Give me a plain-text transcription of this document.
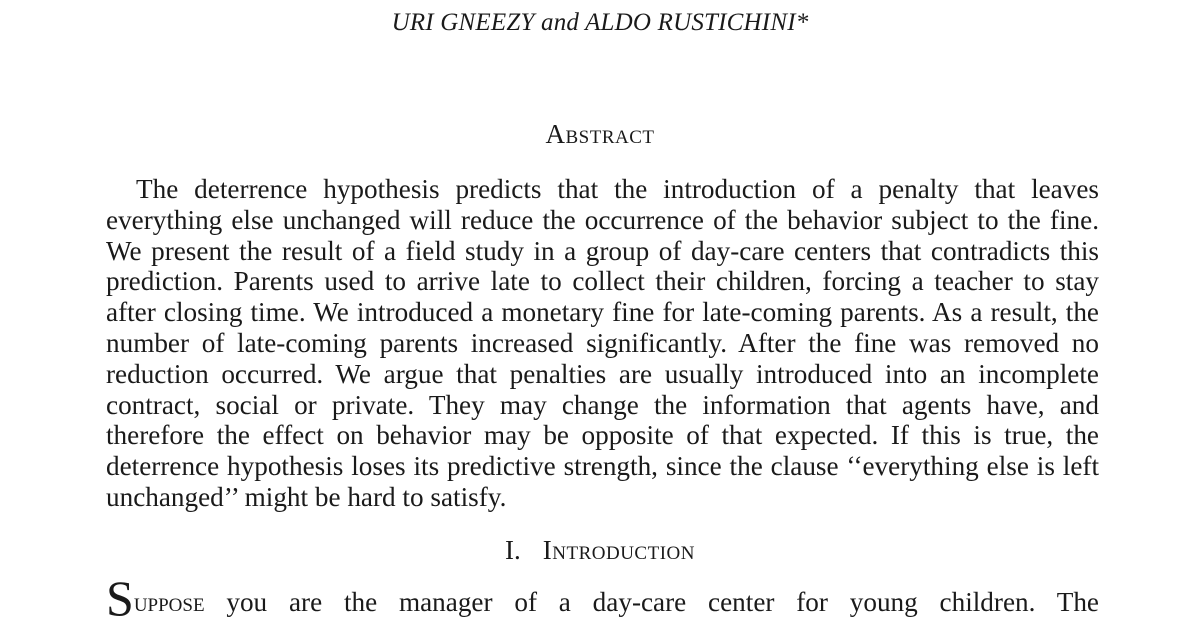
URI GNEEZY and ALDO RUSTICHINI*
Abstract

The deterrence hypothesis predicts that the introduction of a penalty that leaves everything else unchanged will reduce the occurrence of the behavior subject to the fine. We present the result of a field study in a group of day-care centers that contradicts this prediction. Parents used to arrive late to collect their children, forcing a teacher to stay after closing time. We introduced a monetary fine for late-coming parents. As a result, the number of late-coming parents increased significantly. After the fine was removed no reduction occurred. We argue that penalties are usually introduced into an incomplete contract, social or private. They may change the information that agents have, and therefore the effect on behavior may be opposite of that expected. If this is true, the deterrence hypothesis loses its predictive strength, since the clause ‘‘everything else is left unchanged’’ might be hard to satisfy.

I. Introduction

Suppose you are the manager of a day-care center for young children. The
